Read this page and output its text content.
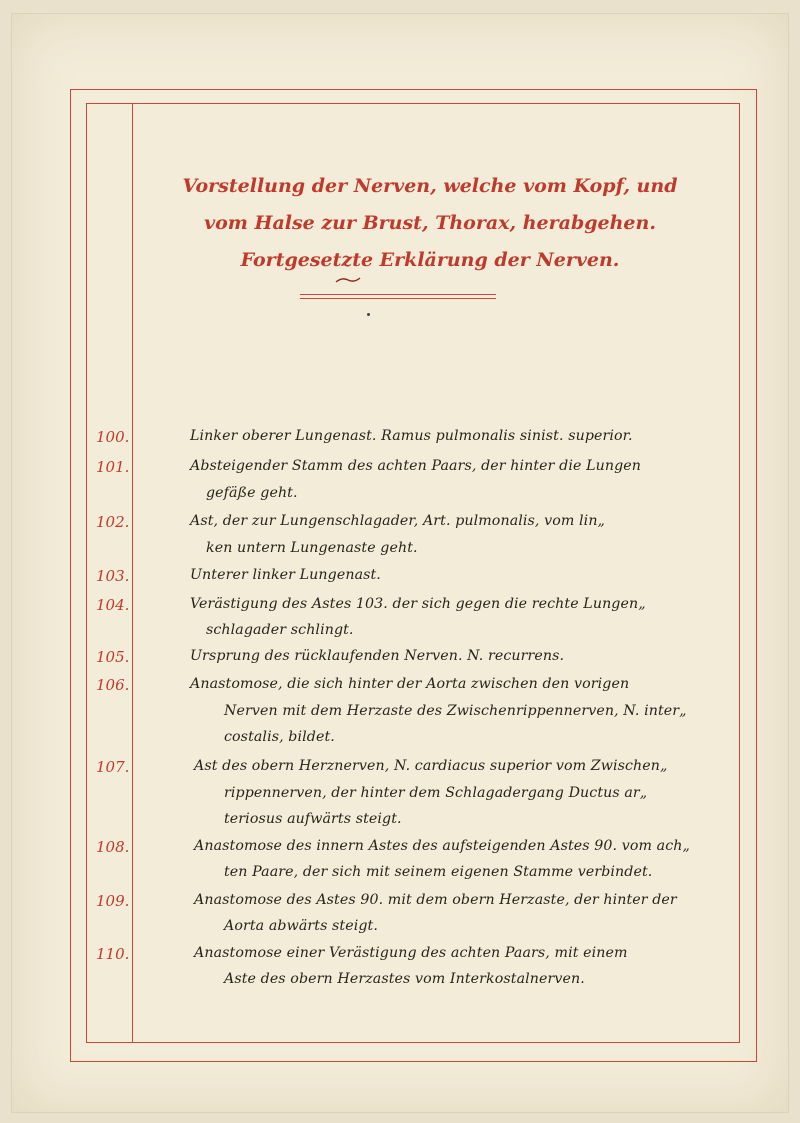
Vorstellung der Nerven, welche vom Kopf, und
vom Halse zur Brust, Thorax, herabgehen.
Fortgesetzte Erklärung der Nerven.
100.	Linker oberer Lungenast. Ramus pulmonalis sinist. superior.
101.	Absteigender Stamm des achten Paars, der hinter die Lungen
gefäße geht.
102.	Ast, der zur Lungenschlagader, Art. pulmonalis, vom lin„
ken untern Lungenaste geht.
103.	Unterer linker Lungenast.
104.	Verästigung des Astes 103. der sich gegen die rechte Lungen„
schlagader schlingt.
105.	Ursprung des rücklaufenden Nerven. N. recurrens.
106.	Anastomose, die sich hinter der Aorta zwischen den vorigen
Nerven mit dem Herzaste des Zwischenrippennerven, N. inter„
costalis, bildet.
107.	Ast des obern Herznerven, N. cardiacus superior vom Zwischen„
rippennerven, der hinter dem Schlagadergang Ductus ar„
teriosus aufwärts steigt.
108.	Anastomose des innern Astes des aufsteigenden Astes 90. vom ach„
ten Paare, der sich mit seinem eigenen Stamme verbindet.
109.	Anastomose des Astes 90. mit dem obern Herzaste, der hinter der
Aorta abwärts steigt.
110.	Anastomose einer Verästigung des achten Paars, mit einem
Aste des obern Herzastes vom Interkostalnerven.
